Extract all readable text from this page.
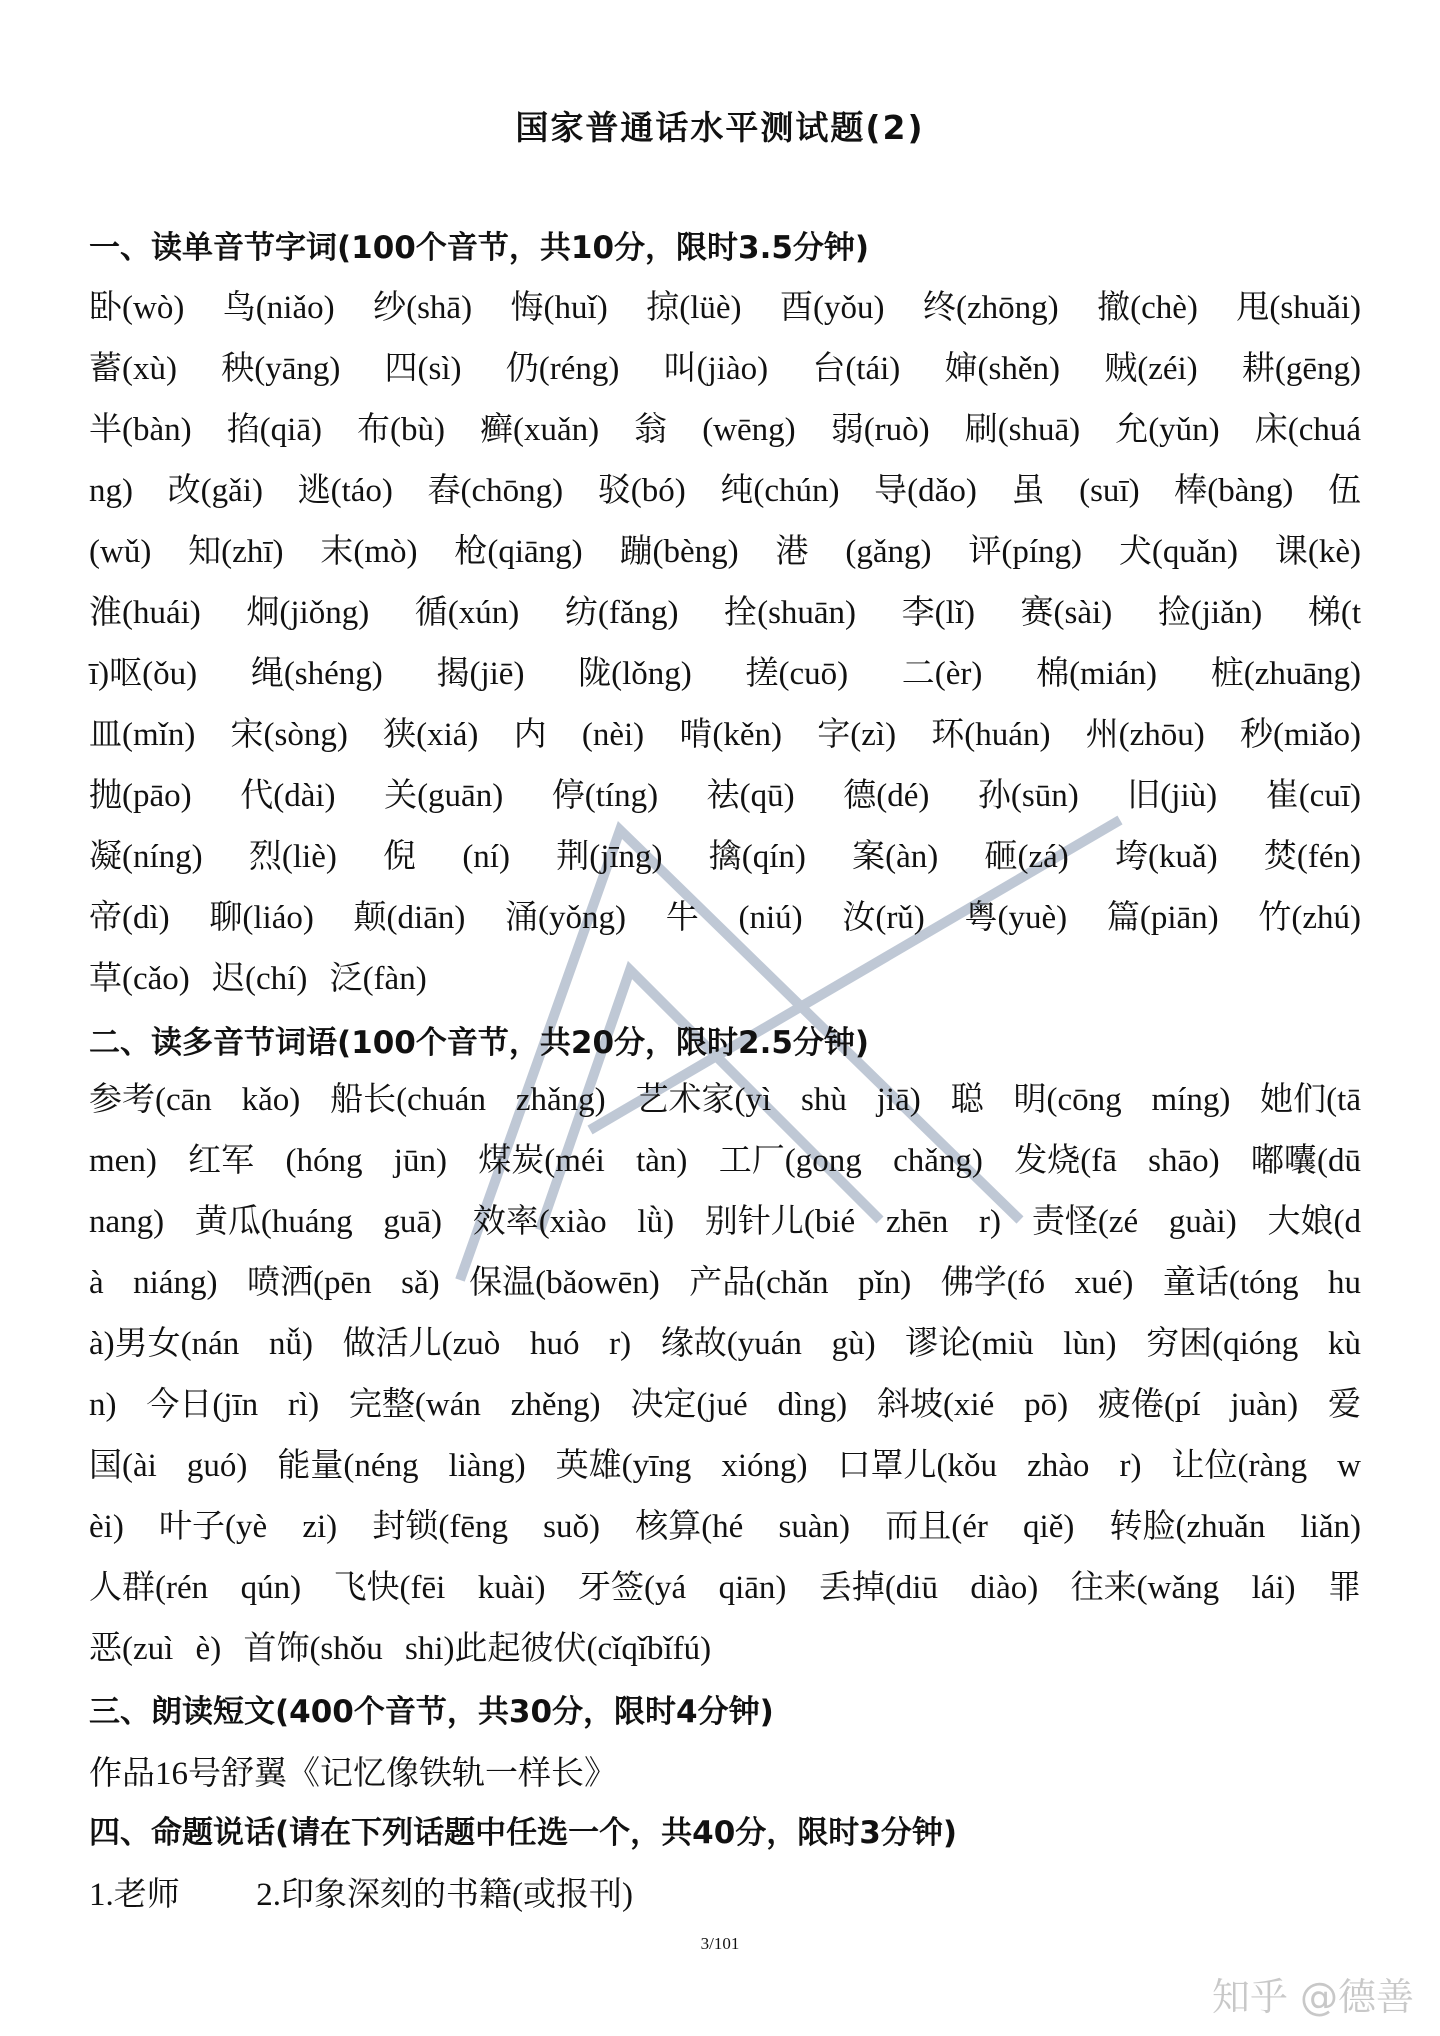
国家普通话水平测试题(2)
一、读单音节字词(100个音节，共10分，限时3.5分钟)
卧(wò) 鸟(niǎo) 纱(shā) 悔(huǐ) 掠(lüè) 酉(yǒu) 终(zhōng) 撤(chè) 甩(shuǎi)
蓄(xù) 秧(yāng) 四(sì) 仍(réng) 叫(jiào) 台(tái) 婶(shěn) 贼(zéi) 耕(gēng)
半(bàn) 掐(qiā) 布(bù) 癣(xuǎn) 翁 (wēng) 弱(ruò) 刷(shuā) 允(yǔn) 床(chuá
ng) 改(gǎi) 逃(táo) 舂(chōng) 驳(bó) 纯(chún) 导(dǎo) 虽 (suī) 棒(bàng) 伍
(wǔ) 知(zhī) 末(mò) 枪(qiāng) 蹦(bèng) 港 (gǎng) 评(píng) 犬(quǎn) 课(kè)
淮(huái) 炯(jiǒng) 循(xún) 纺(fǎng) 拴(shuān) 李(lǐ) 赛(sài) 捡(jiǎn) 梯(t
ī)呕(ǒu) 绳(shéng) 揭(jiē) 陇(lǒng) 搓(cuō) 二(èr) 棉(mián) 桩(zhuāng)
皿(mǐn) 宋(sòng) 狭(xiá) 内 (nèi) 啃(kěn) 字(zì) 环(huán) 州(zhōu) 秒(miǎo)
抛(pāo) 代(dài) 关(guān) 停(tíng) 祛(qū) 德(dé) 孙(sūn) 旧(jiù) 崔(cuī)
凝(níng) 烈(liè) 倪 (ní) 荆(jīng) 擒(qín) 案(àn) 砸(zá) 垮(kuǎ) 焚(fén)
帝(dì) 聊(liáo) 颠(diān) 涌(yǒng) 牛 (niú) 汝(rǔ) 粤(yuè) 篇(piān) 竹(zhú)
草(cǎo) 迟(chí) 泛(fàn)
二、读多音节词语(100个音节，共20分，限时2.5分钟)
参考(cān kǎo) 船长(chuán zhǎng) 艺术家(yì shù jiā) 聪 明(cōng míng) 她们(tā
men) 红军 (hóng jūn) 煤炭(méi tàn) 工厂(gong chǎng) 发烧(fā shāo) 嘟囔(dū
nang) 黄瓜(huáng guā) 效率(xiào lǜ) 别针儿(bié zhēn r) 责怪(zé guài) 大娘(d
à niáng) 喷洒(pēn sǎ) 保温(bǎowēn) 产品(chǎn pǐn) 佛学(fó xué) 童话(tóng hu
à)男女(nán nǚ) 做活儿(zuò huó r) 缘故(yuán gù) 谬论(miù lùn) 穷困(qióng kù
n) 今日(jīn rì) 完整(wán zhěng) 决定(jué dìng) 斜坡(xié pō) 疲倦(pí juàn) 爱
国(ài guó) 能量(néng liàng) 英雄(yīng xióng) 口罩儿(kǒu zhào r) 让位(ràng w
èi) 叶子(yè zi) 封锁(fēng suǒ) 核算(hé suàn) 而且(ér qiě) 转脸(zhuǎn liǎn)
人群(rén qún) 飞快(fēi kuài) 牙签(yá qiān) 丢掉(diū diào) 往来(wǎng lái) 罪
恶(zuì è) 首饰(shǒu shi)此起彼伏(cǐqǐbǐfú)
三、朗读短文(400个音节，共30分，限时4分钟)
作品16号舒翼《记忆像铁轨一样长》
四、命题说话(请在下列话题中任选一个，共40分，限时3分钟)
1.老师 2.印象深刻的书籍(或报刊)
3/101
知乎 @德善
